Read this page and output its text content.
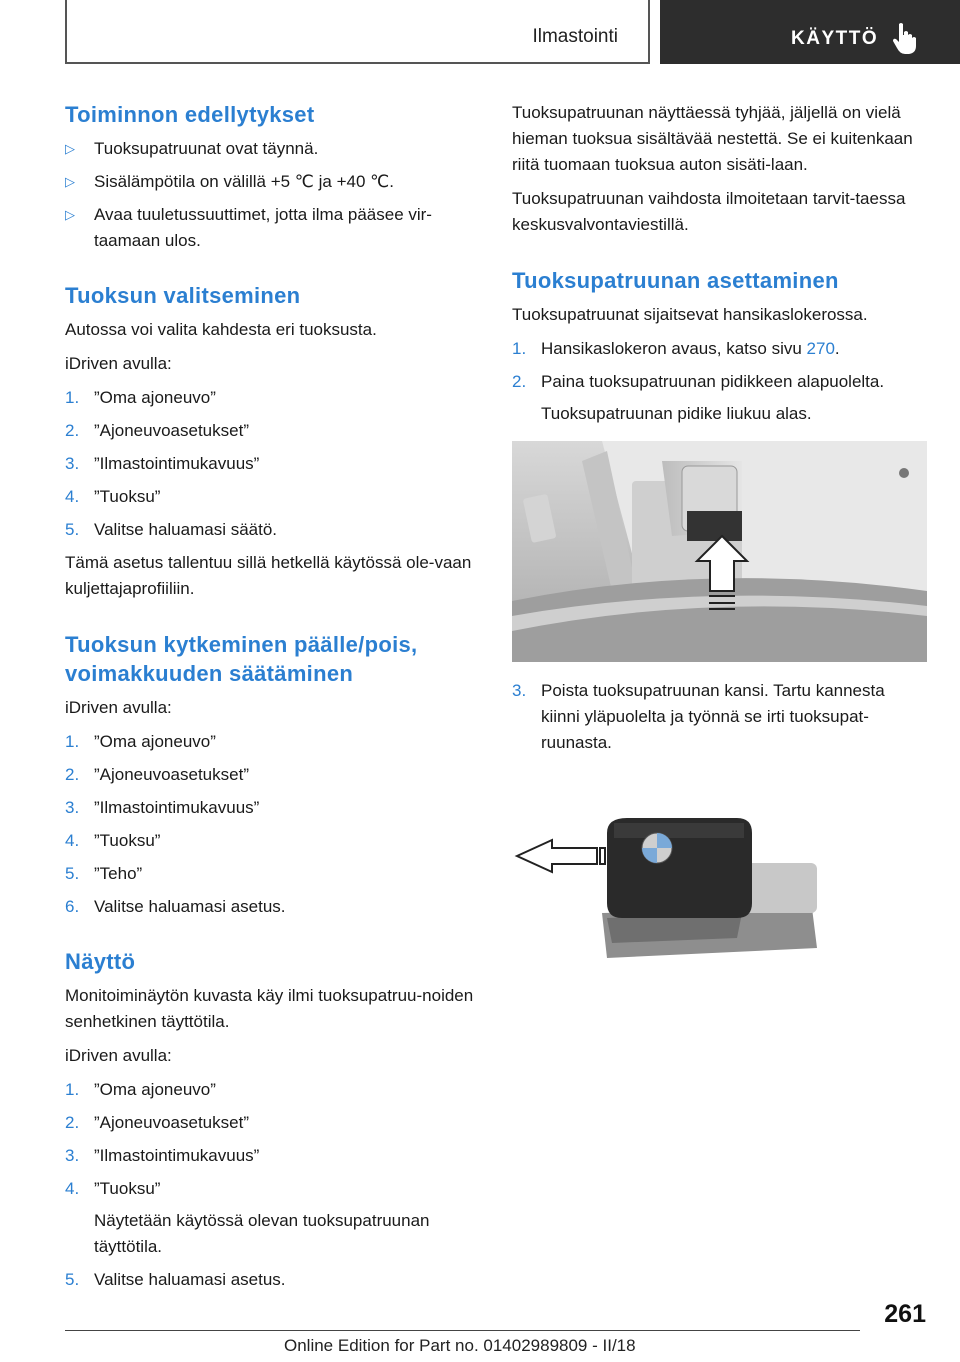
Ilmastointi	KÄYTTÖ
Toiminnon edellytykset
▷ Tuoksupatruunat ovat täynnä.
▷ Sisälämpötila on välillä +5 ℃ ja +40 ℃.
▷ Avaa tuuletussuuttimet, jotta ilma pääsee vir‐taamaan ulos.
Tuoksun valitseminen

Autossa voi valita kahdesta eri tuoksusta.

iDriven avulla:

1. ”Oma ajoneuvo”
2. ”Ajoneuvoasetukset”
3. ”Ilmastointimukavuus”
4. ”Tuoksu”
5. Valitse haluamasi säätö.

Tämä asetus tallentuu sillä hetkellä käytössä ole‐vaan kuljettajaprofiiliin.

Tuoksun kytkeminen päälle/pois, voimakkuuden säätäminen

iDriven avulla:

1. ”Oma ajoneuvo”
2. ”Ajoneuvoasetukset”
3. ”Ilmastointimukavuus”
4. ”Tuoksu”
5. ”Teho”
6. Valitse haluamasi asetus.
Näyttö

Monitoiminäytön kuvasta käy ilmi tuoksupatruu‐noiden senhetkinen täyttötila.

iDriven avulla:

1. ”Oma ajoneuvo”
2. ”Ajoneuvoasetukset”
3. ”Ilmastointimukavuus”
4. ”Tuoksu”
Näytetään käytössä olevan tuoksupatruunan täyttötila.
5. Valitse haluamasi asetus.

Tuoksupatruunan näyttäessä tyhjää, jäljellä on vielä hieman tuoksua sisältävää nestettä. Se ei kuitenkaan riitä tuomaan tuoksua auton sisäti‐laan.

Tuoksupatruunan vaihdosta ilmoitetaan tarvit‐taessa keskusvalvontaviestillä.

Tuoksupatruunan asettaminen

Tuoksupatruunat sijaitsevat hansikaslokerossa.

1. Hansikaslokeron avaus, katso sivu 270.
2. Paina tuoksupatruunan pidikkeen alapuolelta.
Tuoksupatruunan pidike liukuu alas.
3. Poista tuoksupatruunan kansi. Tartu kannesta kiinni yläpuolelta ja työnnä se irti tuoksupat‐ruunasta.
261
Online Edition for Part no. 01402989809 - II/18
